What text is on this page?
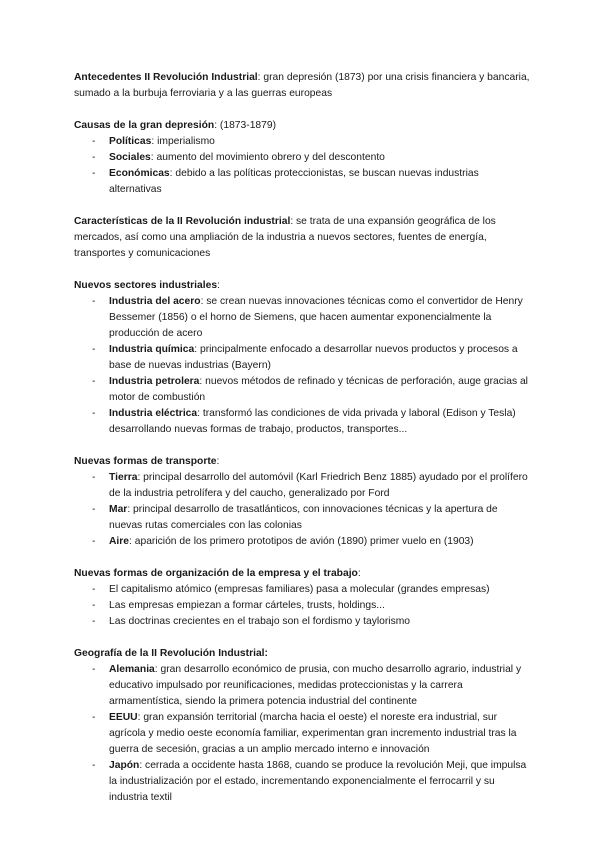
Antecedentes II Revolución Industrial: gran depresión (1873) por una crisis financiera y bancaria, sumado a la burbuja ferroviaria y a las guerras europeas

Causas de la gran depresión: (1873-1879)

- Políticas: imperialismo
- Sociales: aumento del movimiento obrero y del descontento
- Económicas: debido a las políticas proteccionistas, se buscan nuevas industrias alternativas

Características de la II Revolución industrial: se trata de una expansión geográfica de los mercados, así como una ampliación de la industria a nuevos sectores, fuentes de energía, transportes y comunicaciones

Nuevos sectores industriales:

- Industria del acero: se crean nuevas innovaciones técnicas como el convertidor de Henry Bessemer (1856) o el horno de Siemens, que hacen aumentar exponencialmente la producción de acero
- Industria química: principalmente enfocado a desarrollar nuevos productos y procesos a base de nuevas industrias (Bayern)
- Industria petrolera: nuevos métodos de refinado y técnicas de perforación, auge gracias al motor de combustión
- Industria eléctrica: transformó las condiciones de vida privada y laboral (Edison y Tesla) desarrollando nuevas formas de trabajo, productos, transportes...

Nuevas formas de transporte:

- Tierra: principal desarrollo del automóvil (Karl Friedrich Benz 1885) ayudado por el prolífero de la industria petrolífera y del caucho, generalizado por Ford
- Mar: principal desarrollo de trasatlánticos, con innovaciones técnicas y la apertura de nuevas rutas comerciales con las colonias
- Aire: aparición de los primero prototipos de avión (1890) primer vuelo en (1903)

Nuevas formas de organización de la empresa y el trabajo:

- El capitalismo atómico (empresas familiares) pasa a molecular (grandes empresas)
- Las empresas empiezan a formar cárteles, trusts, holdings...
- Las doctrinas crecientes en el trabajo son el fordismo y taylorismo

Geografía de la II Revolución Industrial:

- Alemania: gran desarrollo económico de prusia, con mucho desarrollo agrario, industrial y educativo impulsado por reunificaciones, medidas proteccionistas y la carrera armamentística, siendo la primera potencia industrial del continente
- EEUU: gran expansión territorial (marcha hacia el oeste) el noreste era industrial, sur agrícola y medio oeste economía familiar, experimentan gran incremento industrial tras la guerra de secesión, gracias a un amplio mercado interno e innovación
- Japón: cerrada a occidente hasta 1868, cuando se produce la revolución Meji, que impulsa la industrialización por el estado, incrementando exponencialmente el ferrocarril y su industria textil
